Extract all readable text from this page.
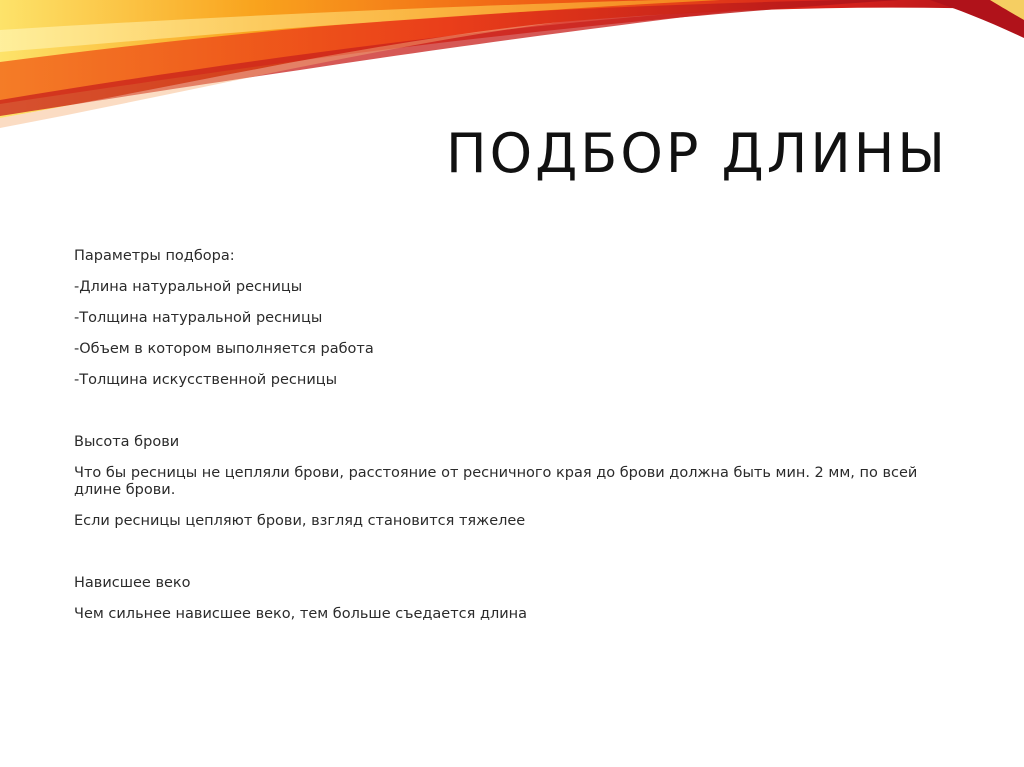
ПОДБОР ДЛИНЫ

Параметры подбора:

-Длина натуральной ресницы

-Толщина натуральной ресницы

-Объем в котором выполняется работа

-Толщина искусственной ресницы

Высота брови

Что бы ресницы не цепляли брови, расстояние от ресничного края до брови должна быть мин. 2 мм, по всей длине брови.

Если ресницы цепляют брови, взгляд становится тяжелее

Нависшее веко

Чем сильнее нависшее веко, тем больше съедается длина
